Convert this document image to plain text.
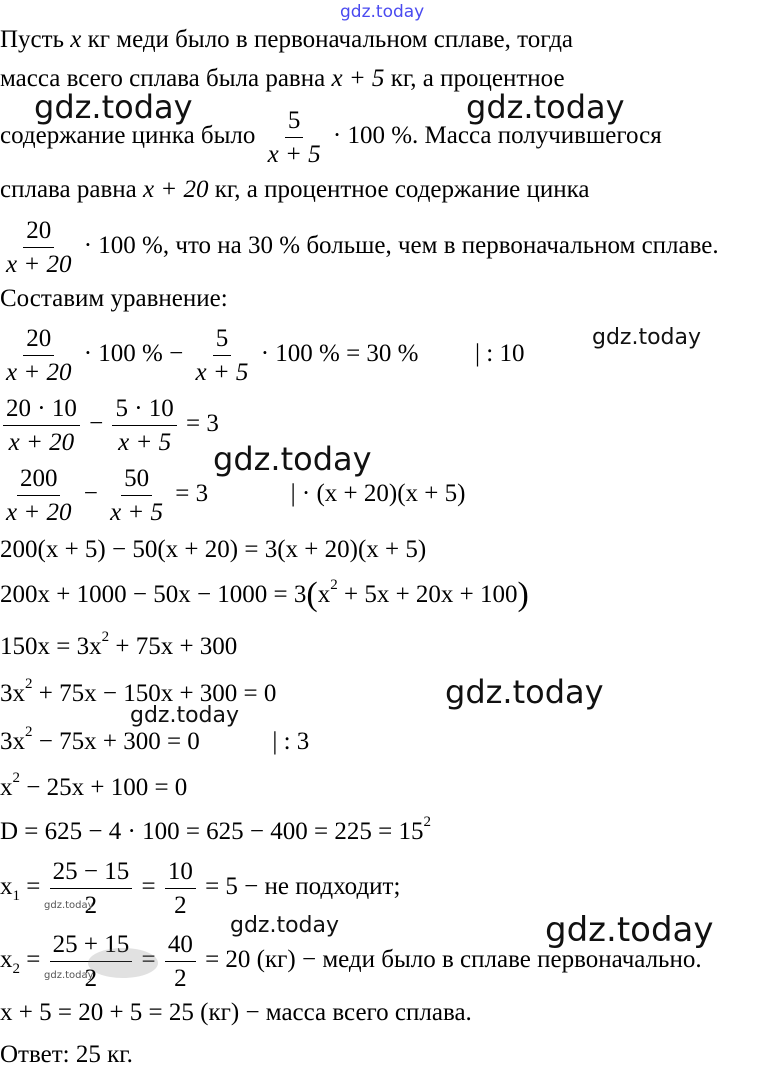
gdz.today
Пусть x кг меди было в первоначальном сплаве, тогда
масса всего сплава была равна x + 5 кг, а процентное
gdz.today	gdz.today
содержание цинка было $\frac{5}{x + 5} \cdot 100$ %. Масса получившегося
сплава равна x + 20 кг, а процентное содержание цинка
$\frac{20}{x + 20} \cdot 100$ %, что на 30 % больше, чем в первоначальном сплаве.
Составим уравнение:
gdz.today
$\frac{20}{x + 20} \cdot 100$ % − $\frac{5}{x + 5} \cdot 100$ % = 30 % | : 10
$\frac{20 \cdot 10}{x + 20} - \frac{5 \cdot 10}{x + 5} = 3$
gdz.today
$\frac{200}{x + 20} - \frac{50}{x + 5} = 3$	| · (x + 20)(x + 5)
200(x + 5) − 50(x + 20) = 3(x + 20)(x + 5)
$200x + 1000 - 50x - 1000 = 3(x^2 + 5x + 20x + 100)$
$150x = 3x^2 + 75x + 300$
gdz.today
$3x^2 + 75x - 150x + 300 = 0$
gdz.today
$3x^2 - 75x + 300 = 0$	| : 3
$x^2 - 25x + 100 = 0$
$D = 625 - 4 \cdot 100 = 625 - 400 = 225 = 15^2$
$x_1 = \frac{25 - 15}{2} = \frac{10}{2} = 5$ − не подходит;
gdz.today
gdz.today	gdz.today
$x_2 = \frac{25 + 15}{2} = \frac{40}{2} = 20$ (кг) − меди было в сплаве первоначально.
gdz.today
x + 5 = 20 + 5 = 25 (кг) − масса всего сплава.
Ответ: 25 кг.
